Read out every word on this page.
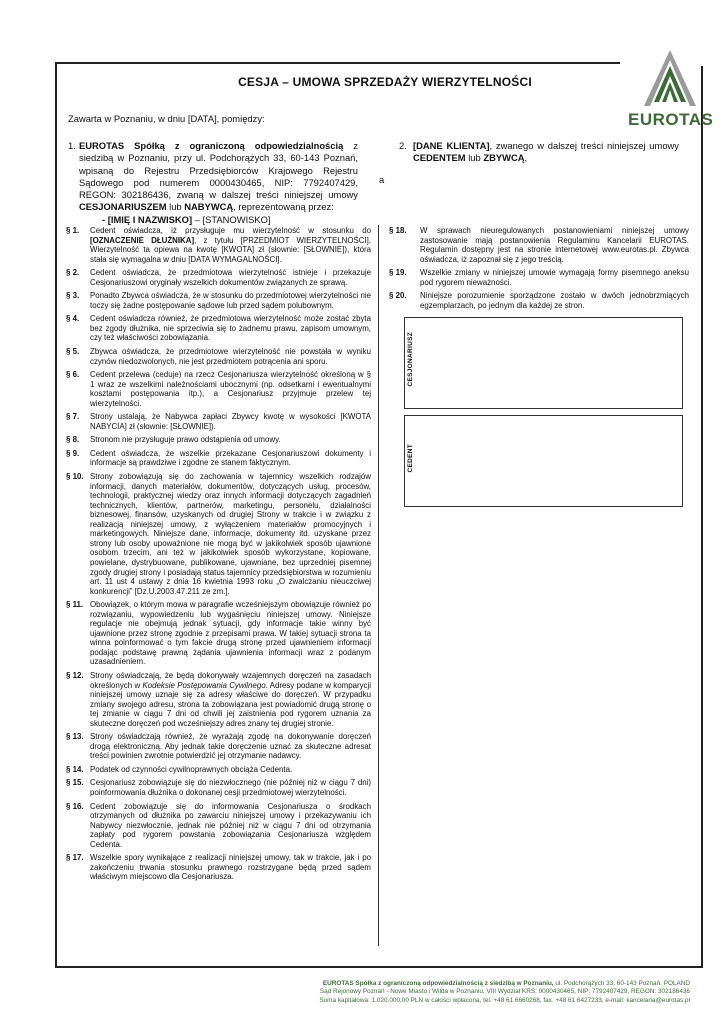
EUROTAS
CESJA – UMOWA SPRZEDAŻY WIERZYTELNOŚCI
Zawarta w Poznaniu, w dniu [DATA], pomiędzy:
1. EUROTAS Spółką z ograniczoną odpowiedzialnością z siedzibą w Poznaniu, przy ul. Podchorążych 33, 60-143 Poznań, wpisaną do Rejestru Przedsiębiorców Krajowego Rejestru Sądowego pod numerem 0000430465, NIP: 7792407429, REGON: 302186436, zwaną w dalszej treści niniejszej umowy CESJONARIUSZEM lub NABYWCĄ, reprezentowaną przez:
- [IMIĘ I NAZWISKO] – [STANOWISKO]
a
2. [DANE KLIENTA], zwanego w dalszej treści niniejszej umowy CEDENTEM lub ZBYWCĄ,
§ 1. Cedent oświadcza, iż przysługuje mu wierzytelność w stosunku do [OZNACZENIE DŁUŻNIKA], z tytułu [PRZEDMIOT WIERZYTELNOŚCI]. Wierzytelność ta opiewa na kwotę [KWOTA] zł (słownie: [SŁOWNIE]), która stała się wymagalna w dniu [DATA WYMAGALNOŚCI].
§ 2. Cedent oświadcza, że przedmiotowa wierzytelność istnieje i przekazuje Cesjonariuszowi oryginały wszelkich dokumentów związanych ze sprawą.
§ 3. Ponadto Zbywca oświadcza, że w stosunku do przedmiotowej wierzytelności nie toczy się żadne postępowanie sądowe lub przed sądem polubownym.
§ 4. Cedent oświadcza również, że przedmiotowa wierzytelność może zostać zbyta bez zgody dłużnika, nie sprzeciwia się to żadnemu prawu, zapisom umownym, czy też właściwości zobowiązania.
§ 5. Zbywca oświadcza, że przedmiotowe wierzytelność nie powstała w wyniku czynów niedozwolonych, nie jest przedmiotem potrącenia ani sporu.
§ 6. Cedent przelewa (ceduje) na rzecz Cesjonariusza wierzytelność określoną w § 1 wraz ze wszelkimi należnościami ubocznymi (np. odsetkami i ewentualnymi kosztami postępowania itp.), a Cesjonariusz przyjmuje przelew tej wierzytelności.
§ 7. Strony ustalają, że Nabywca zapłaci Zbywcy kwotę w wysokości [KWOTA NABYCIA] zł (słownie: [SŁOWNIE]).
§ 8. Stronom nie przysługuje prawo odstąpienia od umowy.
§ 9. Cedent oświadcza, że wszelkie przekazane Cesjonariuszowi dokumenty i informacje są prawdziwe i zgodne ze stanem faktycznym.
§ 10. Strony zobowiązują się do zachowania w tajemnicy wszelkich rodzajów informacji, danych materiałów, dokumentów, dotyczących usług, procesów, technologii, praktycznej wiedzy oraz innych informacji dotyczących zagadnień technicznych, klientów, partnerów, marketingu, personelu, działalności biznesowej, finansów, uzyskanych od drugiej Strony w trakcie i w związku z realizacją niniejszej umowy, z wyłączeniem materiałów promocyjnych i marketingowych. Niniejsze dane, informacje, dokumenty itd. uzyskane przez strony lub osoby upoważnione nie mogą być w jakikolwiek sposób ujawnione osobom trzecim, ani też w jakikolwiek sposób wykorzystane, kopiowane, powielane, dystrybuowane, publikowane, ujawniane, bez uprzedniej pisemnej zgody drugiej strony i posiadają status tajemnicy przedsiębiorstwa w rozumieniu art. 11 ust 4 ustawy z dnia 16 kwietnia 1993 roku „O zwalczaniu nieuczciwej konkurencji” [Dz.U.2003.47.211 ze zm.].
§ 11. Obowiązek, o którym mowa w paragrafie wcześniejszym obowiązuje również po rozwiązaniu, wypowiedzeniu lub wygaśnięciu niniejszej umowy. Niniejsze regulacje nie obejmują jednak sytuacji, gdy informacje takie winny być ujawnione przez stronę zgodnie z przepisami prawa. W takiej sytuacji strona ta winna poinformować o tym fakcie drugą stronę przed ujawnieniem informacji podając podstawę prawną żądania ujawnienia informacji wraz z podanym uzasadnieniem.
§ 12. Strony oświadczają, że będą dokonywały wzajemnych doręczeń na zasadach określonych w Kodeksie Postępowania Cywilnego. Adresy podane w komparycji niniejszej umowy uznaje się za adresy właściwe do doręczeń. W przypadku zmiany swojego adresu, strona ta zobowiązana jest powiadomić drugą stronę o tej zmianie w ciągu 7 dni od chwili jej zaistnienia pod rygorem uznania za skuteczne doręczeń pod wcześniejszy adres znany tej drugiej stronie.
§ 13. Strony oświadczają również, że wyrażają zgodę na dokonywanie doręczeń drogą elektroniczną. Aby jednak takie doręczenie uznać za skuteczne adresat treści powinien zwrotnie potwierdzić jej otrzymanie nadawcy.
§ 14. Podatek od czynności cywilnoprawnych obciąża Cedenta.
§ 15. Cesjonariusz zobowiązuje się do niezwłocznego (nie później niż w ciągu 7 dni) poinformowania dłużnika o dokonanej cesji przedmiotowej wierzytelności.
§ 16. Cedent zobowiązuje się do informowania Cesjonariusza o środkach otrzymanych od dłużnika po zawarciu niniejszej umowy i przekazywaniu ich Nabywcy niezwłocznie, jednak nie później niż w ciągu 7 dni od otrzymania zapłaty pod rygorem powstania zobowiązania Cesjonariusza względem Cedenta.
§ 17. Wszelkie spory wynikające z realizacji niniejszej umowy, tak w trakcie, jak i po zakończeniu trwania stosunku prawnego rozstrzygane będą przed sądem właściwym miejscowo dla Cesjonariusza.
§ 18. W sprawach nieuregulowanych postanowieniami niniejszej umowy zastosowanie mają postanowienia Regulaminu Kancelarii EUROTAS. Regulamin dostępny jest na stronie internetowej www.eurotas.pl. Zbywca oświadcza, iż zapoznał się z jego treścią.
§ 19. Wszelkie zmiany w niniejszej umowie wymagają formy pisemnego aneksu pod rygorem nieważności.
§ 20. Niniejsze porozumienie sporządzone zostało w dwóch jednobrzmiących egzemplarzach, po jednym dla każdej ze stron.
CESJONARIUSZ
CEDENT
EUROTAS Spółka z ograniczoną odpowiedzialnością z siedzibą w Poznaniu, ul. Podchorążych 33, 60-143 Poznań, POLAND
Sąd Rejonowy Poznań - Nowe Miasto i Wilda w Poznaniu, VIII Wydział KRS: 0000430465, NIP: 7792407429, REGON: 302186436
Suma kapitałowa: 1.020.000,00 PLN w całości wpłacona, tel. +48 61 6660268, fax. +48 61 6427233, e-mail: kancelaria@eurotas.pl
